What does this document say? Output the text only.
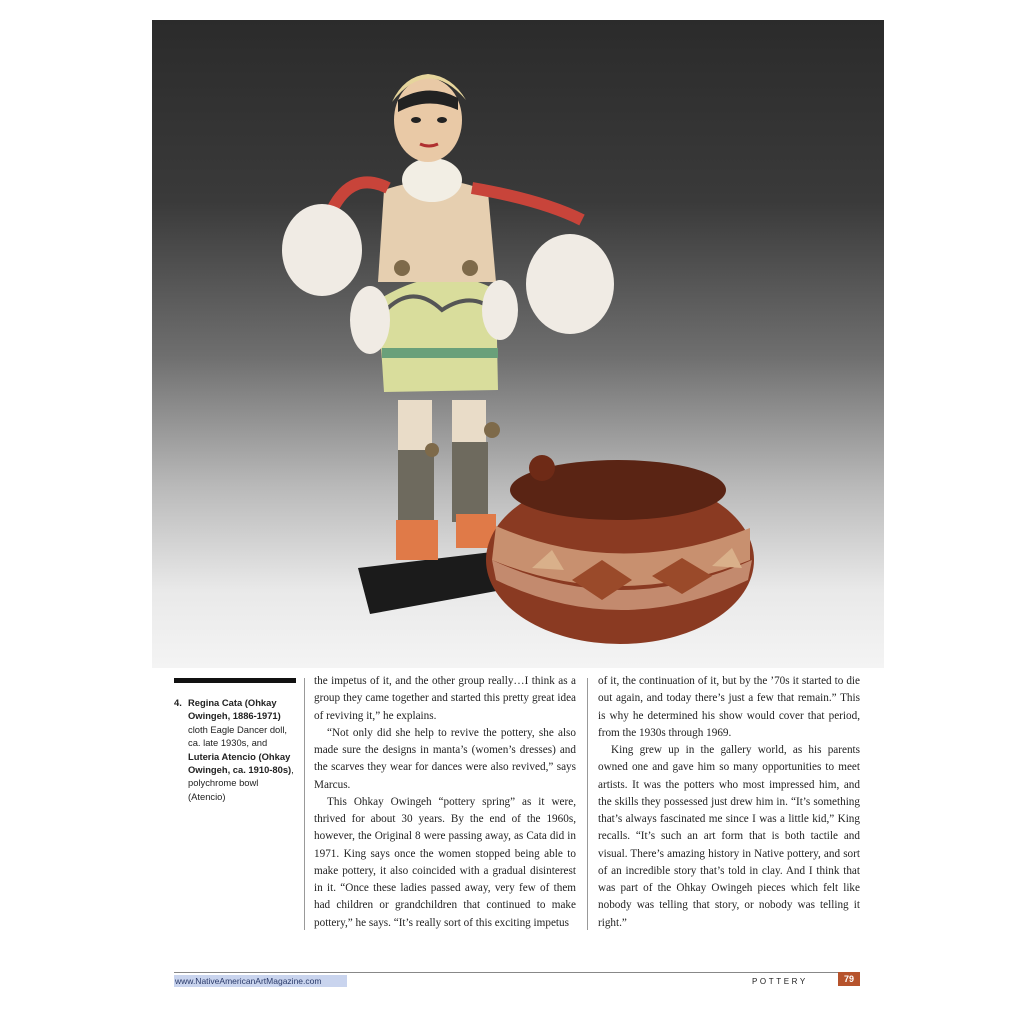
4. Regina Cata (Ohkay Owingeh, 1886-1971) cloth Eagle Dancer doll, ca. late 1930s, and Luteria Atencio (Ohkay Owingeh, ca. 1910-80s), polychrome bowl (Atencio)

the impetus of it, and the other group really…I think as a group they came together and started this pretty great idea of reviving it,” he explains.

“Not only did she help to revive the pottery, she also made sure the designs in manta’s (women’s dresses) and the scarves they wear for dances were also revived,” says Marcus.

This Ohkay Owingeh “pottery spring” as it were, thrived for about 30 years. By the end of the 1960s, however, the Original 8 were passing away, as Cata did in 1971. King says once the women stopped being able to make pottery, it also coincided with a gradual disinterest in it. “Once these ladies passed away, very few of them had children or grandchildren that continued to make pottery,” he says. “It’s really sort of this exciting impetus

of it, the continuation of it, but by the ’70s it started to die out again, and today there’s just a few that remain.” This is why he determined his show would cover that period, from the 1930s through 1969.

King grew up in the gallery world, as his parents owned one and gave him so many opportunities to meet artists. It was the potters who most impressed him, and the skills they possessed just drew him in. “It’s something that’s always fascinated me since I was a little kid,” King recalls. “It’s such an art form that is both tactile and visual. There’s amazing history in Native pottery, and sort of an incredible story that’s told in clay. And I think that was part of the Ohkay Owingeh pieces which felt like nobody was telling that story, or nobody was telling it right.”

www.NativeAmericanArtMagazine.com	POTTERY	79
